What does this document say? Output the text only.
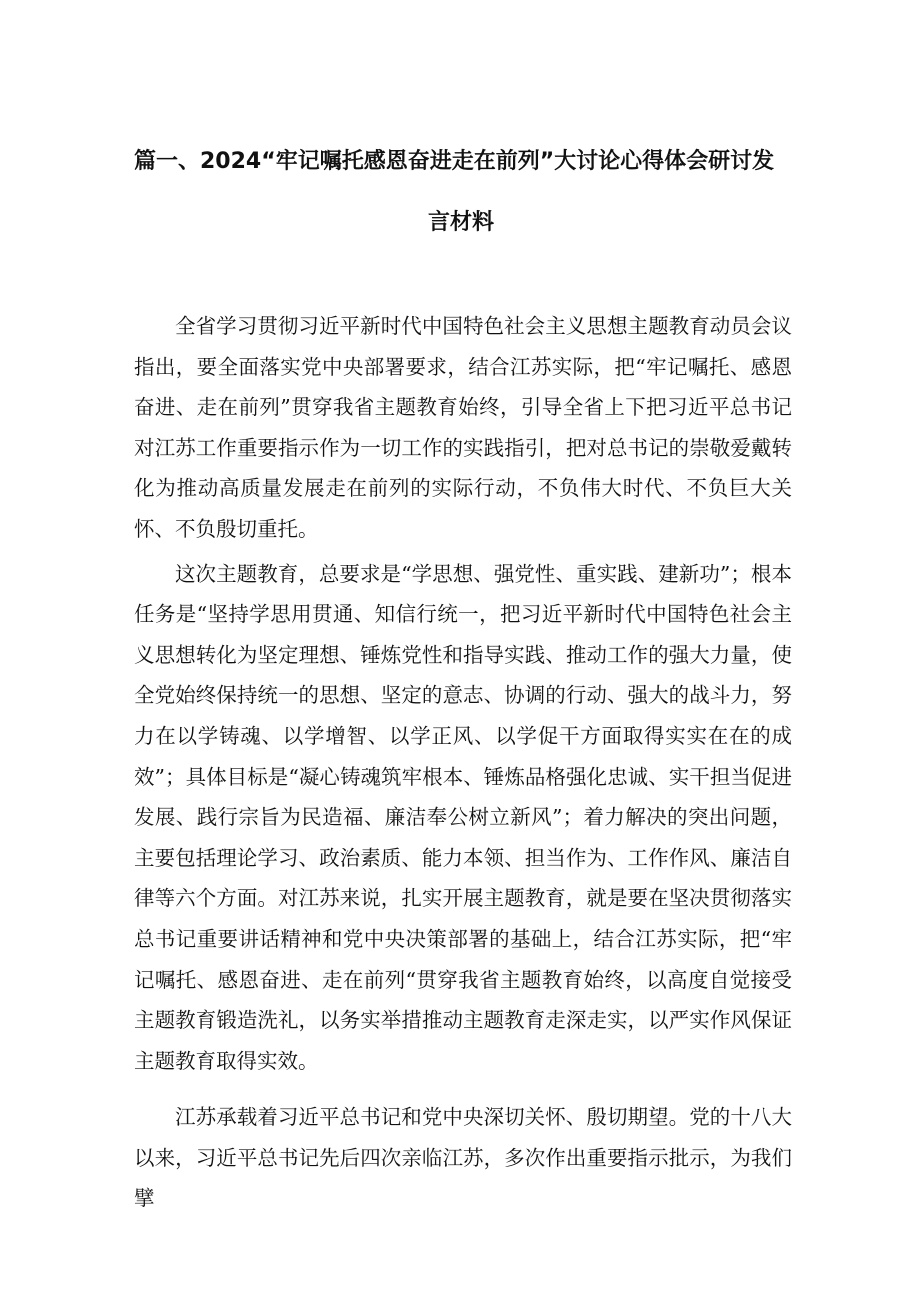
篇一、2024“牢记嘱托感恩奋进走在前列”大讨论心得体会研讨发
言材料

全省学习贯彻习近平新时代中国特色社会主义思想主题教育动员会议指出，要全面落实党中央部署要求，结合江苏实际，把“牢记嘱托、感恩奋进、走在前列”贯穿我省主题教育始终，引导全省上下把习近平总书记对江苏工作重要指示作为一切工作的实践指引，把对总书记的崇敬爱戴转化为推动高质量发展走在前列的实际行动，不负伟大时代、不负巨大关怀、不负殷切重托。

这次主题教育，总要求是“学思想、强党性、重实践、建新功”；根本任务是“坚持学思用贯通、知信行统一，把习近平新时代中国特色社会主义思想转化为坚定理想、锤炼党性和指导实践、推动工作的强大力量，使全党始终保持统一的思想、坚定的意志、协调的行动、强大的战斗力，努力在以学铸魂、以学增智、以学正风、以学促干方面取得实实在在的成效”；具体目标是“凝心铸魂筑牢根本、锤炼品格强化忠诚、实干担当促进发展、践行宗旨为民造福、廉洁奉公树立新风”；着力解决的突出问题，主要包括理论学习、政治素质、能力本领、担当作为、工作作风、廉洁自律等六个方面。对江苏来说，扎实开展主题教育，就是要在坚决贯彻落实总书记重要讲话精神和党中央决策部署的基础上，结合江苏实际，把“牢记嘱托、感恩奋进、走在前列“贯穿我省主题教育始终，以高度自觉接受主题教育锻造洗礼，以务实举措推动主题教育走深走实，以严实作风保证主题教育取得实效。

江苏承载着习近平总书记和党中央深切关怀、殷切期望。党的十八大以来，习近平总书记先后四次亲临江苏，多次作出重要指示批示，为我们擘
